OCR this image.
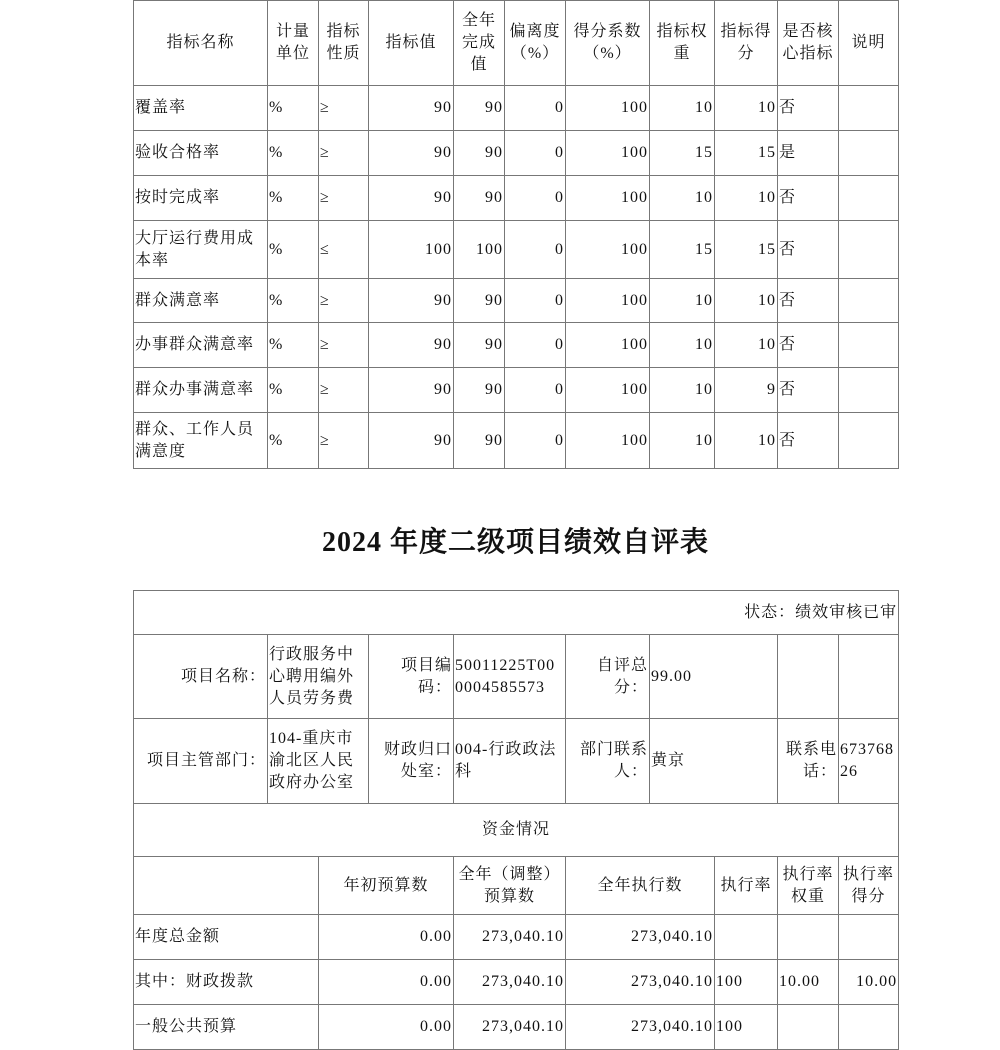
指标名称	计量单位	指标性质	指标值	全年完成值	偏离度（%）	得分系数（%）	指标权重	指标得分	是否核心指标	说明
覆盖率	%	≥	90	90	0	100	10	10	否	
验收合格率	%	≥	90	90	0	100	15	15	是	
按时完成率	%	≥	90	90	0	100	10	10	否	
大厅运行费用成本率	%	≤	100	100	0	100	15	15	否	
群众满意率	%	≥	90	90	0	100	10	10	否	
办事群众满意率	%	≥	90	90	0	100	10	10	否	
群众办事满意率	%	≥	90	90	0	100	10	9	否	
群众、工作人员满意度	%	≥	90	90	0	100	10	10	否	
2024 年度二级项目绩效自评表
状态：绩效审核已审									
项目名称：	行政服务中心聘用编外人员劳务费		项目编码：	50011225T000004585573	自评总分：	99.00			
项目主管部门：	104-重庆市渝北区人民政府办公室		财政归口处室：	004-行政政法科	部门联系人：	黄京		联系电话：	67376826
资金情况									
		年初预算数		全年（调整）预算数	全年执行数		执行率	执行率权重	执行率得分
年度总金额		0.00		273,040.10	273,040.10				
其中：财政拨款		0.00		273,040.10	273,040.10		100	10.00	10.00
一般公共预算		0.00		273,040.10	273,040.10		100		
